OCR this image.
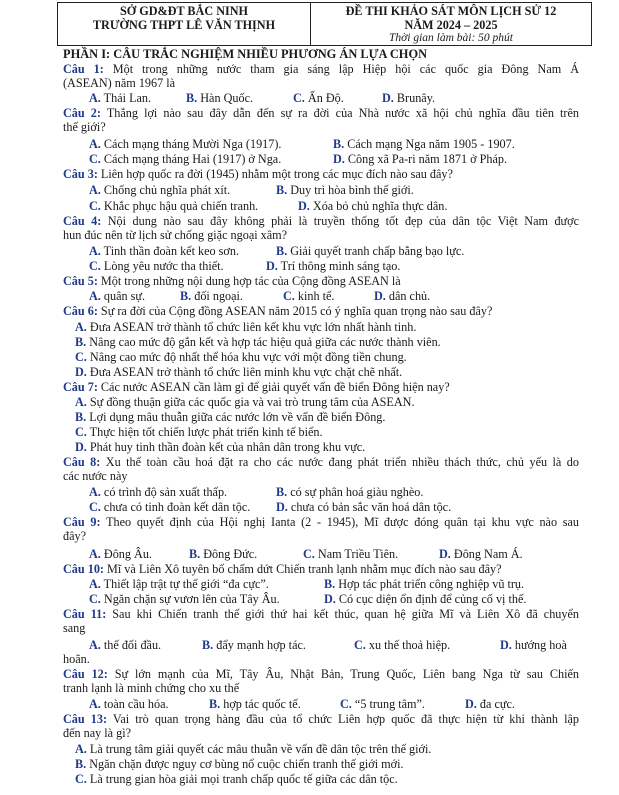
SỞ GD&ĐT BẮC NINH
TRƯỜNG THPT LÊ VĂN THỊNH
ĐỀ THI KHẢO SÁT MÔN LỊCH SỬ 12
NĂM 2024 – 2025
Thời gian làm bài: 50 phút
PHẦN I: CÂU TRẮC NGHIỆM NHIỀU PHƯƠNG ÁN LỰA CHỌN
Câu 1: Một trong những nước tham gia sáng lập Hiệp hội các quốc gia Đông Nam Á
(ASEAN) năm 1967 là
A. Thái Lan.	B. Hàn Quốc.	C. Ấn Độ.	D. Brunây.
Câu 2: Thắng lợi nào sau đây dẫn đến sự ra đời của Nhà nước xã hội chủ nghĩa đầu tiên trên
thế giới?
A. Cách mạng tháng Mười Nga (1917).	B. Cách mạng Nga năm 1905 - 1907.
C. Cách mạng tháng Hai (1917) ở Nga.	D. Công xã Pa-ri năm 1871 ở Pháp.
Câu 3: Liên hợp quốc ra đời (1945) nhằm một trong các mục đích nào sau đây?
A. Chống chủ nghĩa phát xít.	B. Duy trì hòa bình thế giới.
C. Khắc phục hậu quả chiến tranh.	D. Xóa bỏ chủ nghĩa thực dân.
Câu 4: Nội dung nào sau đây không phải là truyền thống tốt đẹp của dân tộc Việt Nam được
hun đúc nên từ lịch sử chống giặc ngoại xâm?
A. Tinh thần đoàn kết keo sơn.	B. Giải quyết tranh chấp bằng bạo lực.
C. Lòng yêu nước tha thiết.	D. Trí thông minh sáng tạo.
Câu 5: Một trong những nội dung hợp tác của Cộng đồng ASEAN là
A. quân sự.	B. đối ngoại.	C. kinh tế.	D. dân chủ.
Câu 6: Sự ra đời của Cộng đồng ASEAN năm 2015 có ý nghĩa quan trọng nào sau đây?
A. Đưa ASEAN trở thành tổ chức liên kết khu vực lớn nhất hành tinh.
B. Nâng cao mức độ gắn kết và hợp tác hiệu quả giữa các nước thành viên.
C. Nâng cao mức độ nhất thể hóa khu vực với một đồng tiền chung.
D. Đưa ASEAN trở thành tổ chức liên minh khu vực chặt chẽ nhất.
Câu 7: Các nước ASEAN cần làm gì để giải quyết vấn đề biển Đông hiện nay?
A. Sự đồng thuận giữa các quốc gia và vai trò trung tâm của ASEAN.
B. Lợi dụng mâu thuẫn giữa các nước lớn về vấn đề biển Đông.
C. Thực hiện tốt chiến lược phát triển kinh tế biển.
D. Phát huy tinh thần đoàn kết của nhân dân trong khu vực.
Câu 8: Xu thế toàn cầu hoá đặt ra cho các nước đang phát triển nhiều thách thức, chủ yếu là do
các nước này
A. có trình độ sản xuất thấp.	B. có sự phân hoá giàu nghèo.
C. chưa có tinh đoàn kết dân tộc. D. chưa có bản sắc văn hoá dân tộc.
Câu 9: Theo quyết định của Hội nghị Ianta (2 - 1945), Mĩ được đóng quân tại khu vực nào sau
đây?
A. Đông Âu.	B. Đông Đức.	C. Nam Triều Tiên.	D. Đông Nam Á.
Câu 10: Mĩ và Liên Xô tuyên bố chấm dứt Chiến tranh lạnh nhằm mục đích nào sau đây?
A. Thiết lập trật tự thế giới “đa cực”.	B. Hợp tác phát triển công nghiệp vũ trụ.
C. Ngăn chặn sự vươn lên của Tây Âu.	D. Có cục diện ổn định để củng cố vị thế.
Câu 11: Sau khi Chiến tranh thế giới thứ hai kết thúc, quan hệ giữa Mĩ và Liên Xô đã chuyển
sang
A. thế đối đầu.	B. đẩy mạnh hợp tác.	C. xu thế thoả hiệp.	D. hướng hoà
hoãn.
Câu 12: Sự lớn mạnh của Mĩ, Tây Âu, Nhật Bản, Trung Quốc, Liên bang Nga từ sau Chiến
tranh lạnh là minh chứng cho xu thế
A. toàn cầu hóa.	B. hợp tác quốc tế.	C. “5 trung tâm”.	D. đa cực.
Câu 13: Vai trò quan trọng hàng đầu của tổ chức Liên hợp quốc đã thực hiện từ khi thành lập
đến nay là gì?
A. Là trung tâm giải quyết các mâu thuẫn về vấn đề dân tộc trên thế giới.
B. Ngăn chặn được nguy cơ bùng nổ cuộc chiến tranh thế giới mới.
C. Là trung gian hòa giải mọi tranh chấp quốc tế giữa các dân tộc.
